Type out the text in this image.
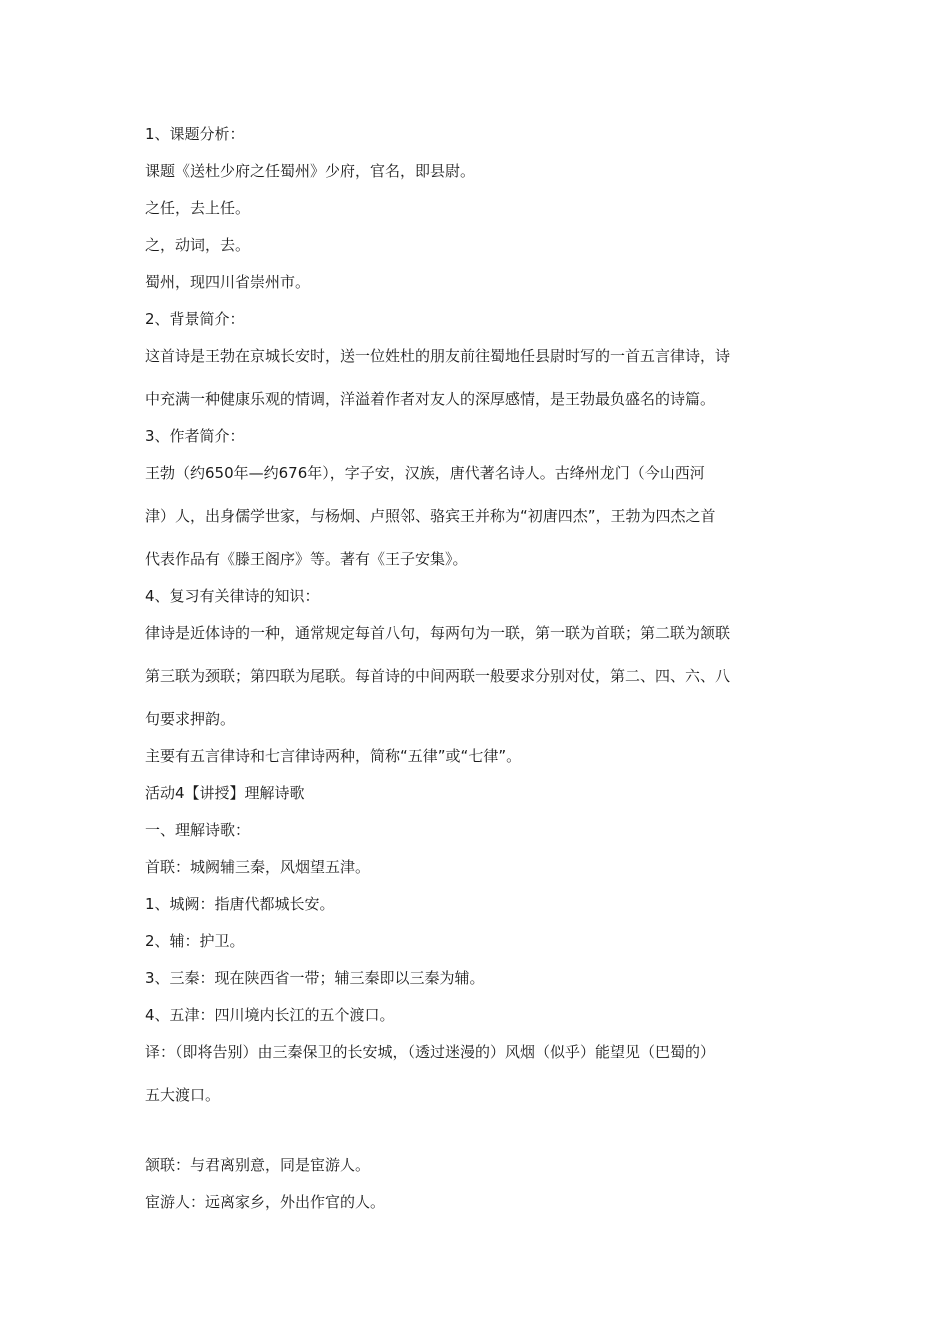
1、课题分析：

课题《送杜少府之任蜀州》少府，官名，即县尉。

之任，去上任。

之，动词，去。

蜀州，现四川省崇州市。

2、背景简介：

这首诗是王勃在京城长安时，送一位姓杜的朋友前往蜀地任县尉时写的一首五言律诗，诗

中充满一种健康乐观的情调，洋溢着作者对友人的深厚感情，是王勃最负盛名的诗篇。

3、作者简介：

王勃（约650年—约676年），字子安，汉族，唐代著名诗人。古绛州龙门（今山西河

津）人，出身儒学世家，与杨炯、卢照邻、骆宾王并称为“初唐四杰”，王勃为四杰之首

代表作品有《滕王阁序》等。著有《王子安集》。

4、复习有关律诗的知识：

律诗是近体诗的一种，通常规定每首八句，每两句为一联，第一联为首联；第二联为颔联

第三联为颈联；第四联为尾联。每首诗的中间两联一般要求分别对仗，第二、四、六、八

句要求押韵。

主要有五言律诗和七言律诗两种，简称“五律”或“七律”。

活动4【讲授】理解诗歌

一、理解诗歌：

首联：城阙辅三秦，风烟望五津。

1、城阙：指唐代都城长安。

2、辅：护卫。

3、三秦：现在陕西省一带；辅三秦即以三秦为辅。

4、五津：四川境内长江的五个渡口。

译：（即将告别）由三秦保卫的长安城，（透过迷漫的）风烟（似乎）能望见（巴蜀的）

五大渡口。

颔联：与君离别意，同是宦游人。

宦游人：远离家乡，外出作官的人。
